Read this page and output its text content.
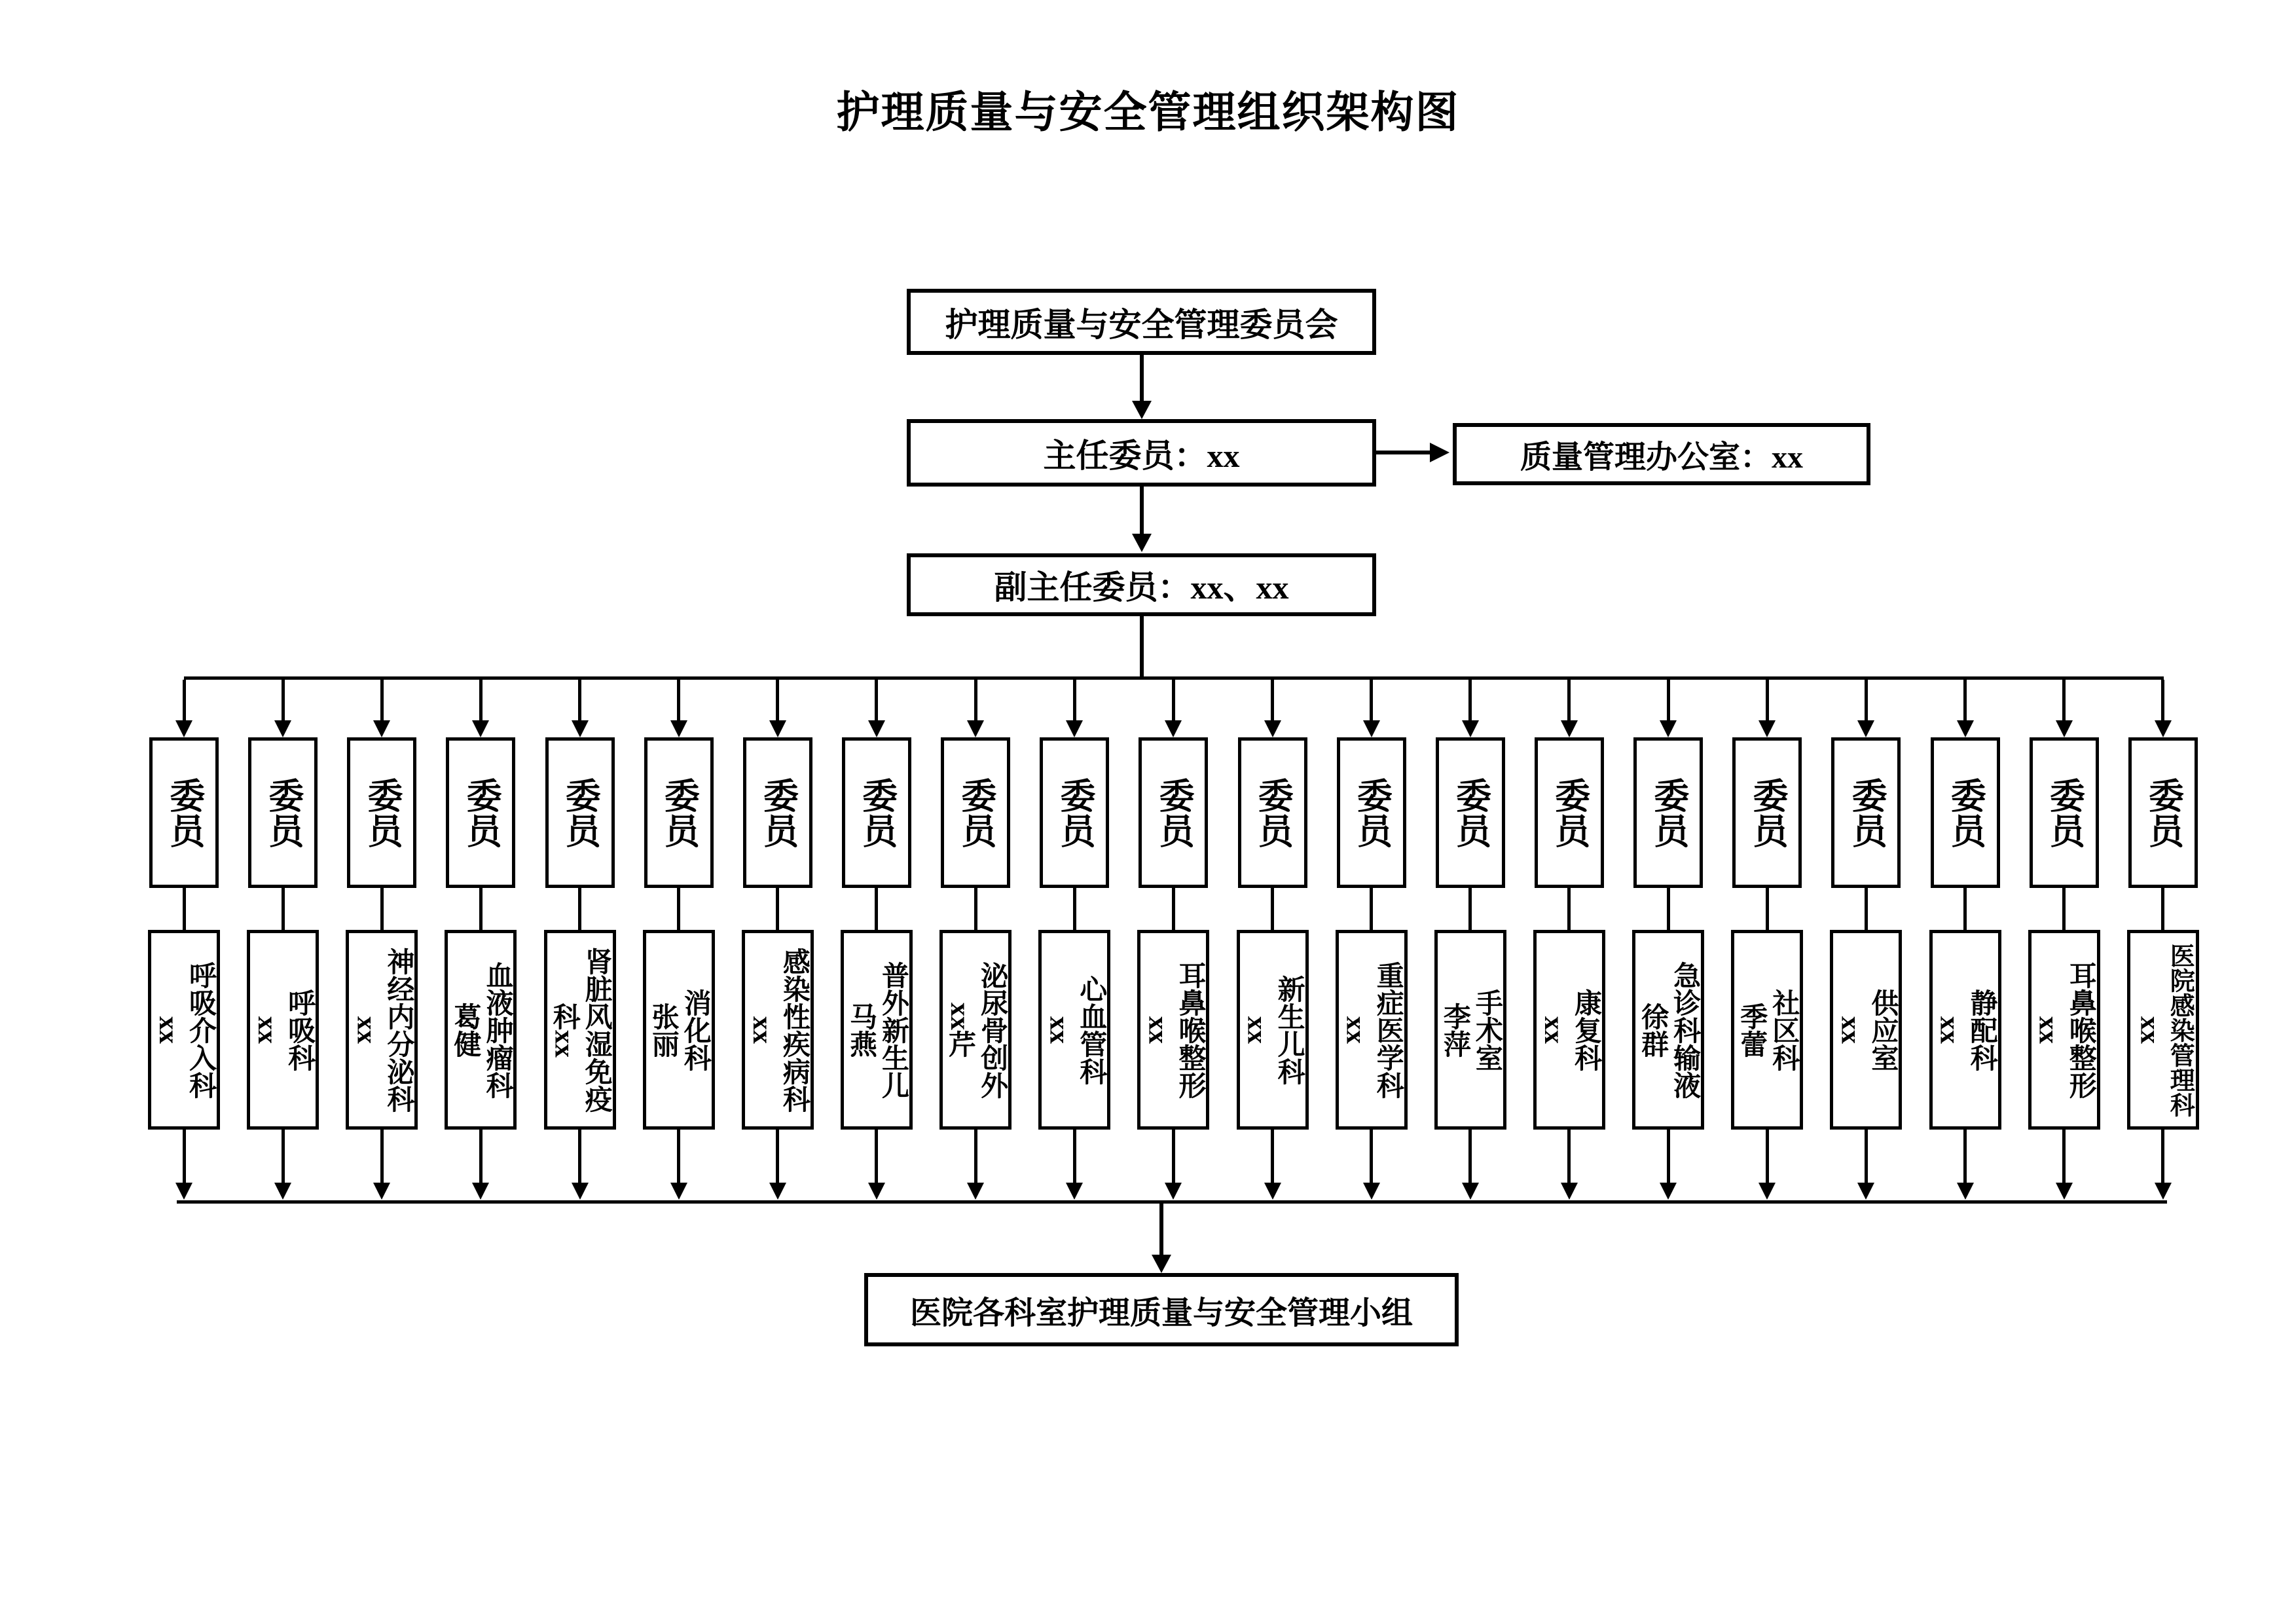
护理质量与安全管理组织架构图
护理质量与安全管理委员会
主任委员：xx	质量管理办公室：xx
副主任委员：xx、xx
委员
呼吸介入科
xx
委员
呼吸科
xx
委员
神经内分泌科
xx
委员
血液肿瘤科
葛健
委员
肾脏风湿免疫
科xx
委员
消化科
张丽
委员
感染性疾病科
xx
委员
普外新生儿
马燕
委员
泌尿骨创外
xx芹
委员
心血管科
xx
委员
耳鼻喉整形
xx
委员
新生儿科
xx
委员
重症医学科
xx
委员
手术室
李萍
委员
康复科
xx
委员
急诊科输液
徐群
委员
社区科
季蕾
委员
供应室
xx
委员
静配科
xx
委员
耳鼻喉整形
xx
委员
医院感染管理科
xx
医院各科室护理质量与安全管理小组
